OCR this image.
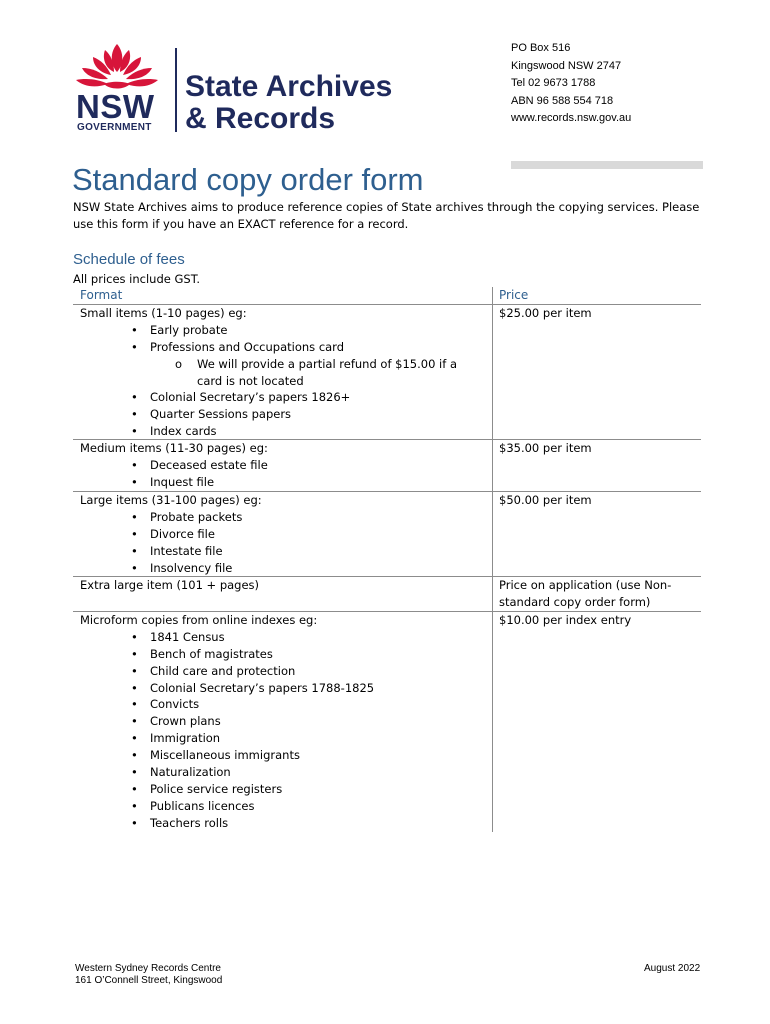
NSW
GOVERNMENT
State Archives
& Records
PO Box 516
Kingswood NSW 2747
Tel 02 9673 1788
ABN 96 588 554 718
www.records.nsw.gov.au
Standard copy order form
NSW State Archives aims to produce reference copies of State archives through the copying services. Please use this form if you have an EXACT reference for a record.
Schedule of fees
All prices include GST.
Format	Price
Small items (1-10 pages) eg:
• Early probate
• Professions and Occupations card
o We will provide a partial refund of $15.00 if a
card is not located
• Colonial Secretary’s papers 1826+
• Quarter Sessions papers
• Index cards
$25.00 per item
Medium items (11-30 pages) eg:
• Deceased estate file
• Inquest file
$35.00 per item
Large items (31-100 pages) eg:
• Probate packets
• Divorce file
• Intestate file
• Insolvency file
$50.00 per item
Extra large item (101 + pages)	Price on application (use Non-
standard copy order form)
Microform copies from online indexes eg:
• 1841 Census
• Bench of magistrates
• Child care and protection
• Colonial Secretary’s papers 1788-1825
• Convicts
• Crown plans
• Immigration
• Miscellaneous immigrants
• Naturalization
• Police service registers
• Publicans licences
• Teachers rolls
$10.00 per index entry
Western Sydney Records Centre
161 O’Connell Street, Kingswood
August 2022
